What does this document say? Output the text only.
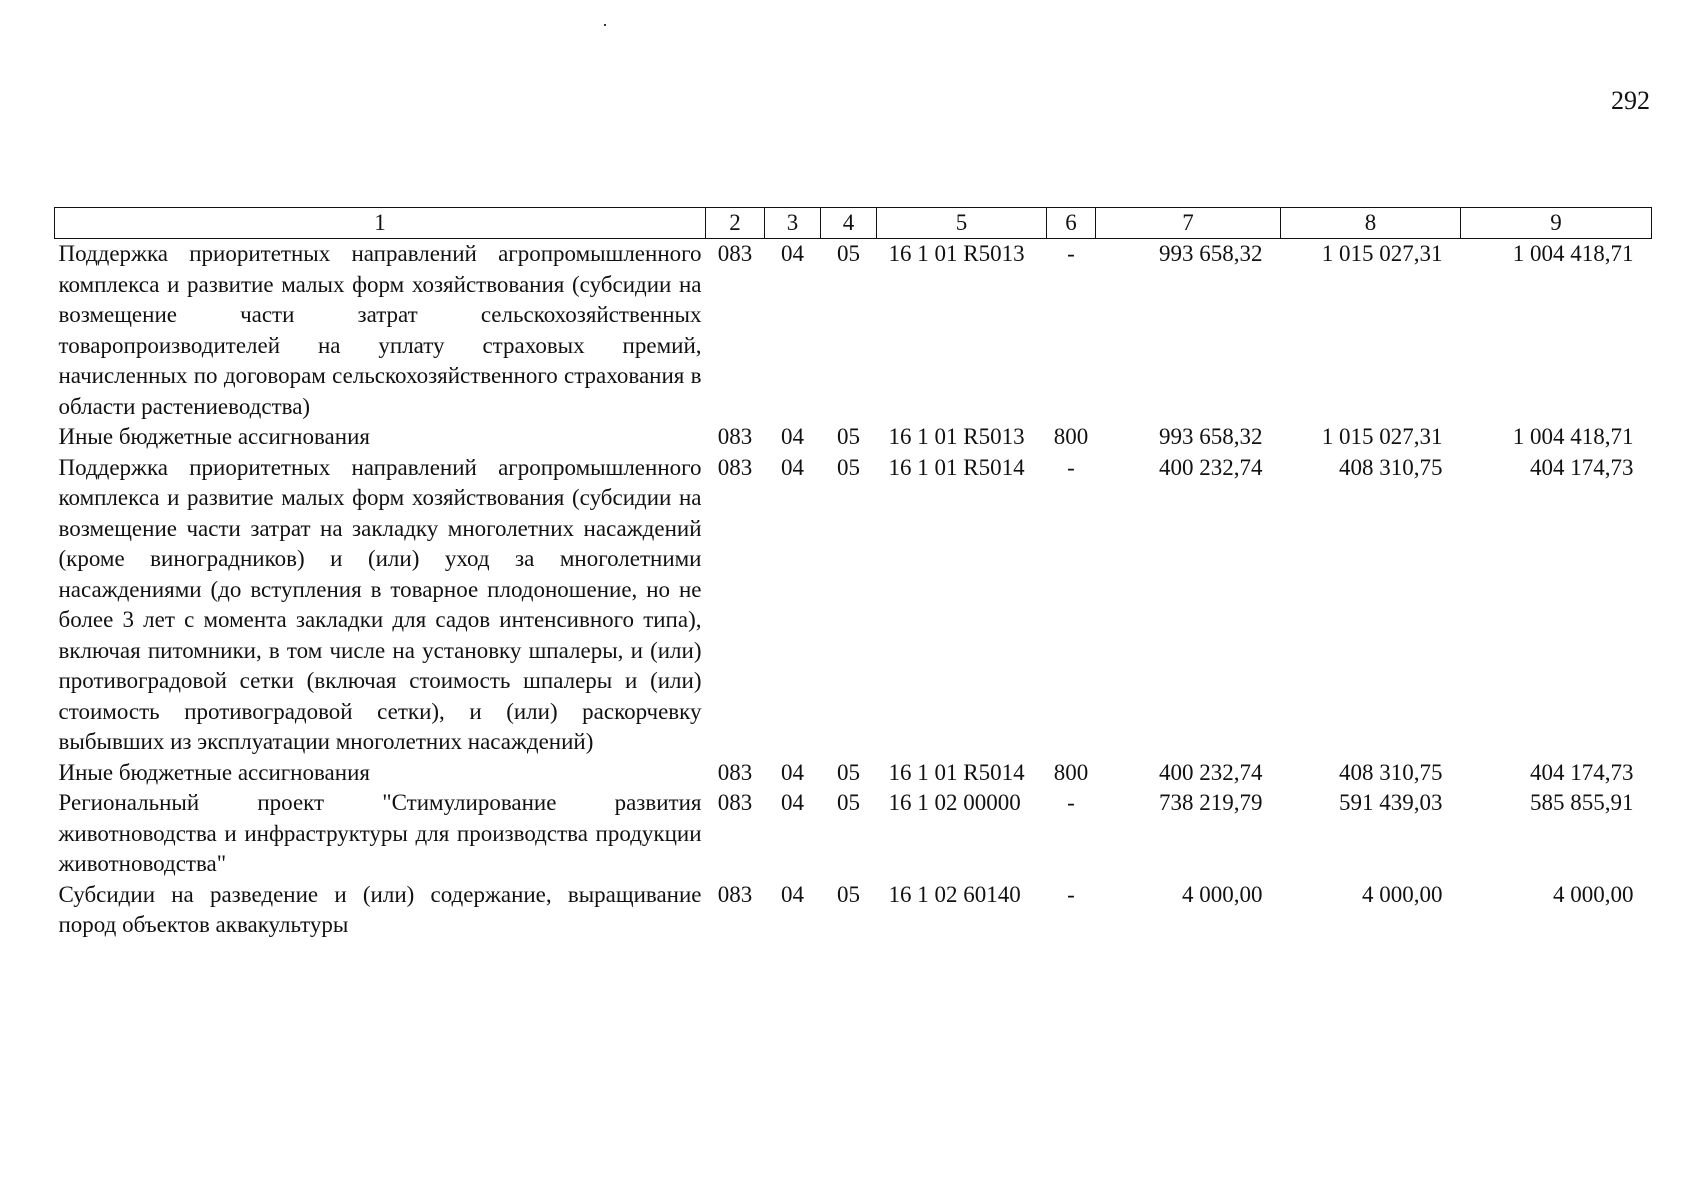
292
1	2	3	4	5	6	7	8	9
Поддержка приоритетных направлений агропромышленного комплекса и развитие малых форм хозяйствования (субсидии на возмещение части затрат сельскохозяйственных товаропроизводителей на уплату страховых премий, начисленных по договорам сельскохозяйственного страхования в области растениеводства)	083	04	05	16 1 01 R5013	-	993 658,32	1 015 027,31	1 004 418,71
Иные бюджетные ассигнования	083	04	05	16 1 01 R5013	800	993 658,32	1 015 027,31	1 004 418,71
Поддержка приоритетных направлений агропромышленного комплекса и развитие малых форм хозяйствования (субсидии на возмещение части затрат на закладку многолетних насаждений (кроме виноградников) и (или) уход за многолетними насаждениями (до вступления в товарное плодоношение, но не более 3 лет с момента закладки для садов интенсивного типа), включая питомники, в том числе на установку шпалеры, и (или) противоградовой сетки (включая стоимость шпалеры и (или) стоимость противоградовой сетки), и (или) раскорчевку выбывших из эксплуатации многолетних насаждений)	083	04	05	16 1 01 R5014	-	400 232,74	408 310,75	404 174,73
Иные бюджетные ассигнования	083	04	05	16 1 01 R5014	800	400 232,74	408 310,75	404 174,73
Региональный проект "Стимулирование развития животноводства и инфраструктуры для производства продукции животноводства"	083	04	05	16 1 02 00000	-	738 219,79	591 439,03	585 855,91
Субсидии на разведение и (или) содержание, выращивание пород объектов аквакультуры	083	04	05	16 1 02 60140	-	4 000,00	4 000,00	4 000,00
